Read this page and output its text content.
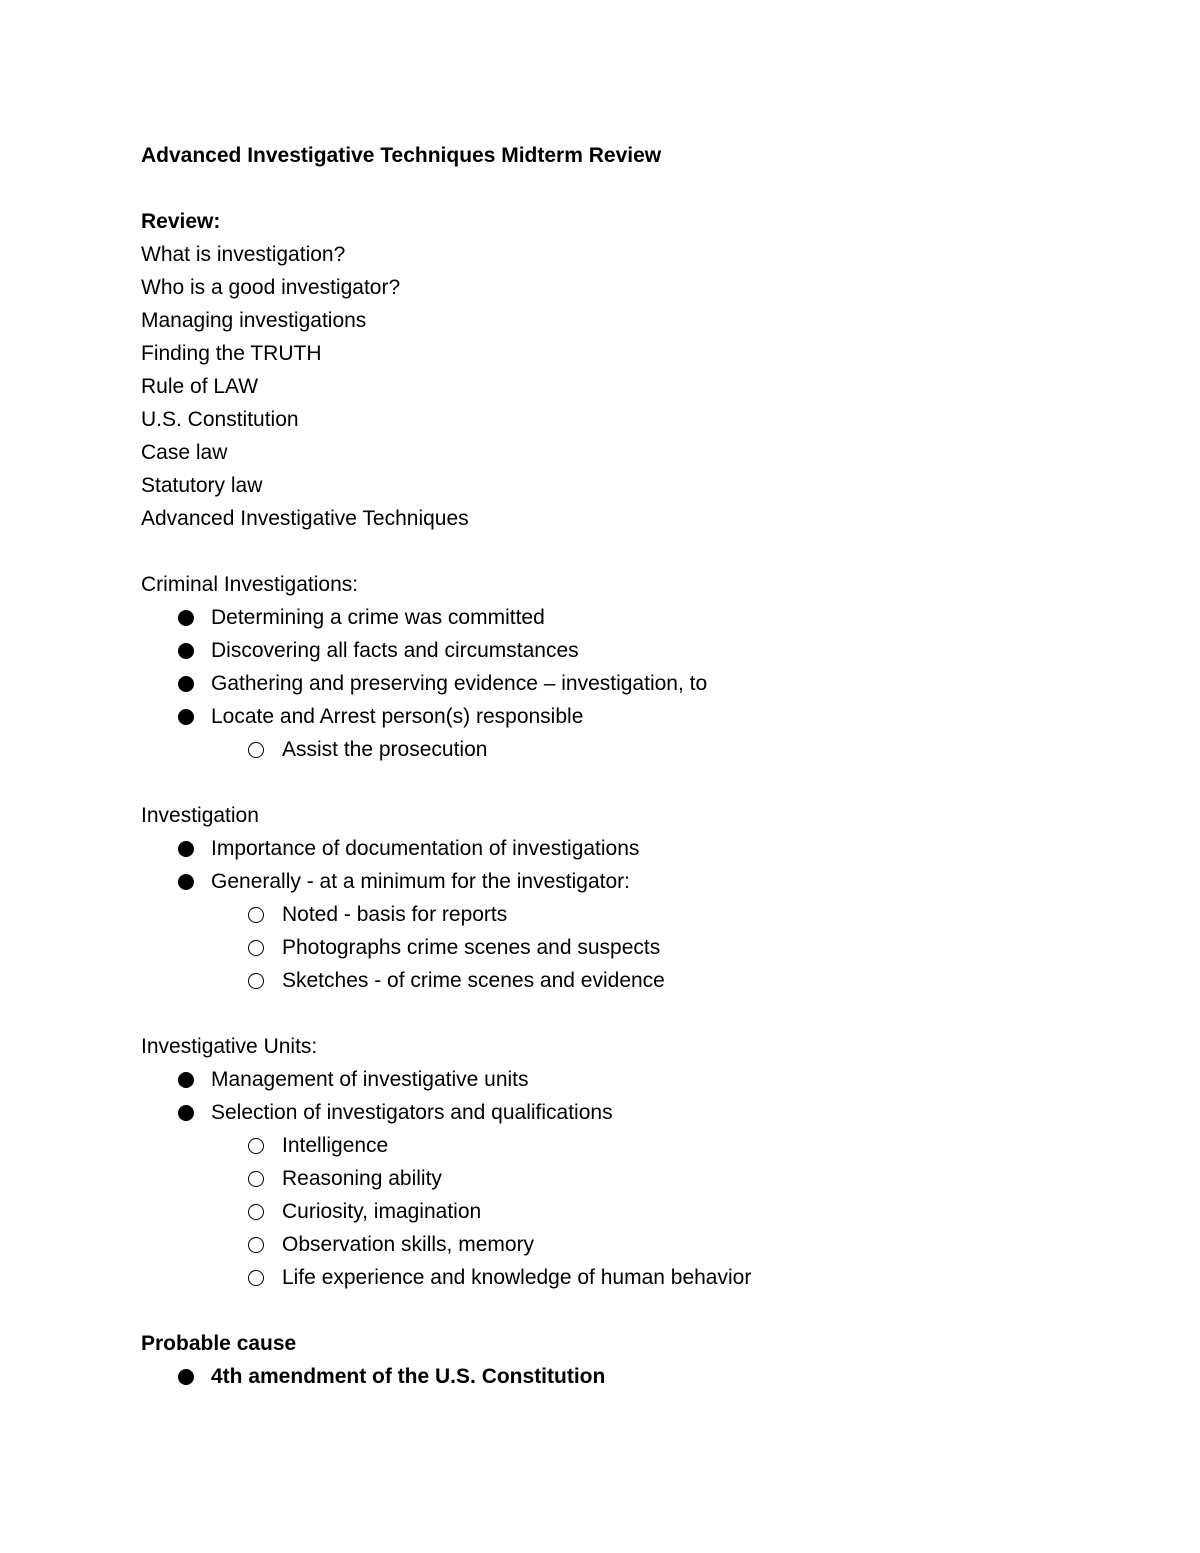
Advanced Investigative Techniques Midterm Review
Review:
What is investigation?
Who is a good investigator?
Managing investigations
Finding the TRUTH
Rule of LAW
U.S. Constitution
Case law
Statutory law
Advanced Investigative Techniques
Criminal Investigations:
Determining a crime was committed
Discovering all facts and circumstances
Gathering and preserving evidence – investigation, to
Locate and Arrest person(s) responsible
Assist the prosecution
Investigation
Importance of documentation of investigations
Generally - at a minimum for the investigator:
Noted - basis for reports
Photographs crime scenes and suspects
Sketches - of crime scenes and evidence
Investigative Units:
Management of investigative units
Selection of investigators and qualifications
Intelligence
Reasoning ability
Curiosity, imagination
Observation skills, memory
Life experience and knowledge of human behavior
Probable cause
4th amendment of the U.S. Constitution
